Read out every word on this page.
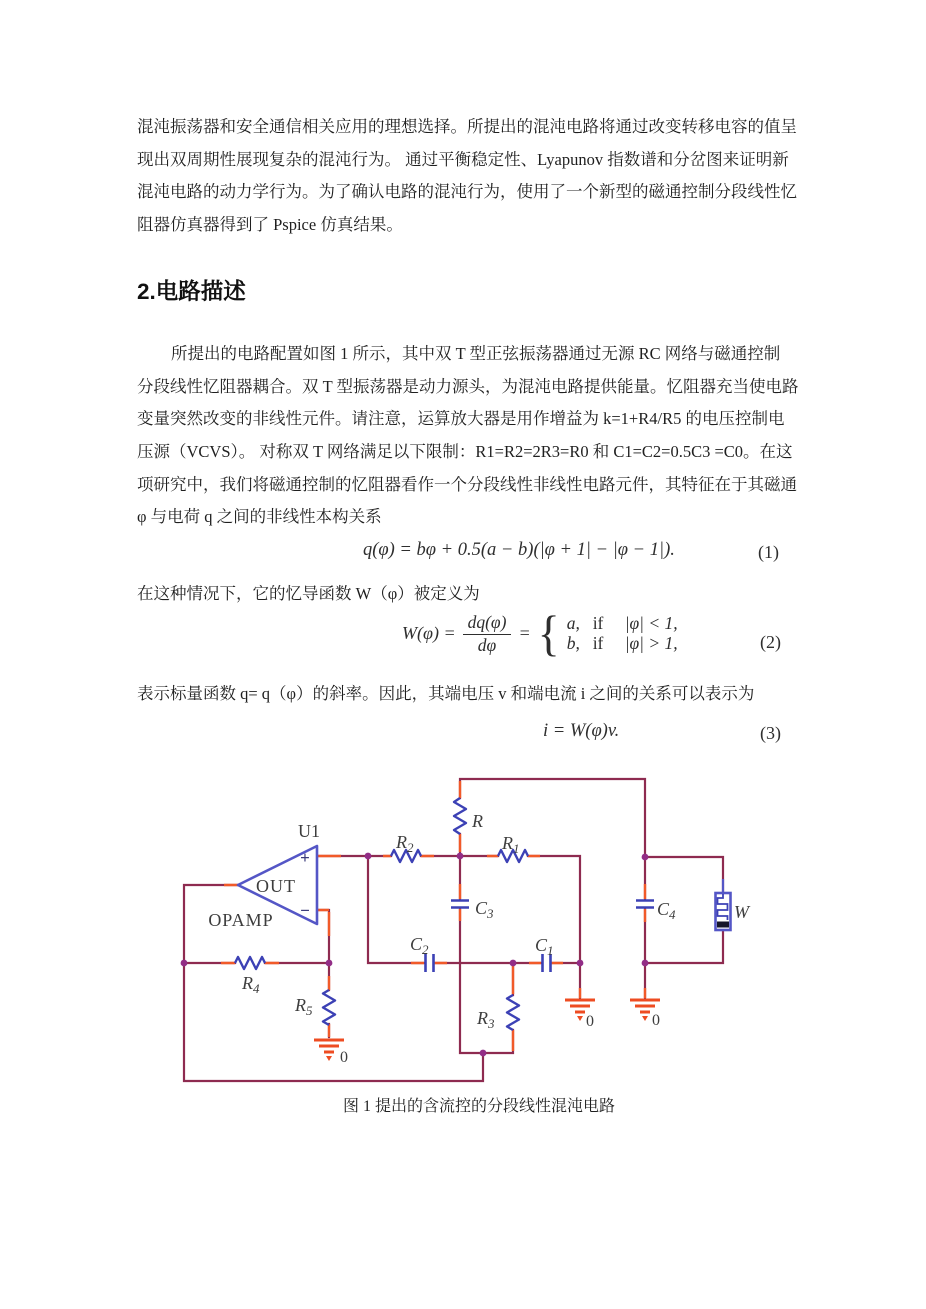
混沌振荡器和安全通信相关应用的理想选择。所提出的混沌电路将通过改变转移电容的值呈
现出双周期性展现复杂的混沌行为。 通过平衡稳定性、Lyapunov 指数谱和分岔图来证明新
混沌电路的动力学行为。为了确认电路的混沌行为，使用了一个新型的磁通控制分段线性忆
阻器仿真器得到了 Pspice 仿真结果。
2.电路描述
所提出的电路配置如图 1 所示，其中双 T 型正弦振荡器通过无源 RC 网络与磁通控制
分段线性忆阻器耦合。双 T 型振荡器是动力源头，为混沌电路提供能量。忆阻器充当使电路
变量突然改变的非线性元件。请注意，运算放大器是用作增益为 k=1+R4/R5 的电压控制电
压源（VCVS）。 对称双 T 网络满足以下限制：R1=R2=2R3=R0 和 C1=C2=0.5C3 =C0。在这
项研究中，我们将磁通控制的忆阻器看作一个分段线性非线性电路元件，其特征在于其磁通
φ 与电荷 q 之间的非线性本构关系
q(φ) = bφ + 0.5(a − b)(|φ + 1| − |φ − 1|).	(1)
在这种情况下，它的忆导函数 W（φ）被定义为
$W(\varphi) = \frac{dq(\varphi)}{d\varphi}$ = { a, if	|φ| < 1,
b, if	|φ| > 1,	(2)
表示标量函数 q= q（φ）的斜率。因此，其端电压 v 和端电流 i 之间的关系可以表示为
i = W(φ)v.	(3)
+
−
U1
OUT
OPAMP
R
$R_2$	$R_1$
$C_3$
$C_2$	$C_1$
$R_3$
$R_4$
$R_5$
$C_4$	W
0
0	0
图 1 提出的含流控的分段线性混沌电路
